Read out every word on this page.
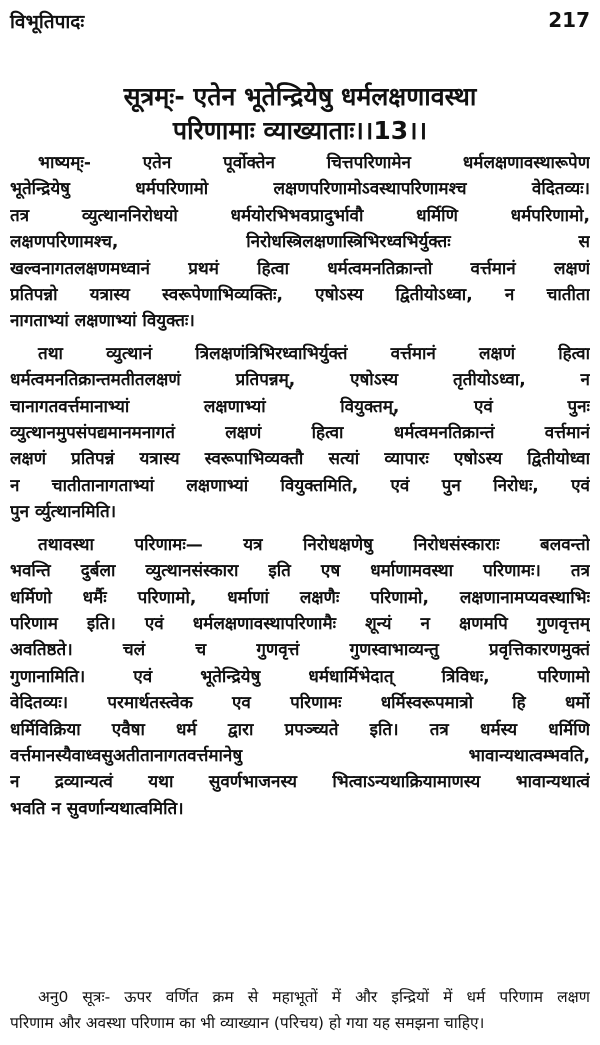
विभूतिपादः	217
सूत्रम्ः- एतेन भूतेन्द्रियेषु धर्मलक्षणावस्था
परिणामाः व्याख्याताः।।13।।

भाष्यम्ः- एतेन पूर्वोक्तेन चित्तपरिणामेन धर्मलक्षणावस्थारूपेण
भूतेन्द्रियेषु धर्मपरिणामो लक्षणपरिणामोऽवस्थापरिणामश्च वेदितव्यः।
तत्र व्युत्थाननिरोधयो धर्मयोरभिभवप्रादुर्भावौ धर्मिणि धर्मपरिणामो,
लक्षणपरिणामश्च, निरोधस्त्रिलक्षणास्त्रिभिरध्वभिर्युक्तः स
खल्वनागतलक्षणमध्वानं प्रथमं हित्वा धर्मत्वमनतिक्रान्तो वर्त्तमानं लक्षणं
प्रतिपन्नो यत्रास्य स्वरूपेणाभिव्यक्तिः, एषोऽस्य द्वितीयोऽध्वा, न चातीता
नागताभ्यां लक्षणाभ्यां वियुक्तः।

तथा व्युत्थानं त्रिलक्षणंत्रिभिरध्वाभिर्युक्तं वर्त्तमानं लक्षणं हित्वा
धर्मत्वमनतिक्रान्तमतीतलक्षणं प्रतिपन्नम्, एषोऽस्य तृतीयोऽध्वा, न
चानागतवर्त्तमानाभ्यां लक्षणाभ्यां वियुक्तम्, एवं पुनः
व्युत्थानमुपसंपद्यमानमनागतं लक्षणं हित्वा धर्मत्वमनतिक्रान्तं वर्त्तमानं
लक्षणं प्रतिपन्नं यत्रास्य स्वरूपाभिव्यक्तौ सत्यां व्यापारः एषोऽस्य द्वितीयोध्वा
न चातीतानागताभ्यां लक्षणाभ्यां वियुक्तमिति, एवं पुन निरोधः, एवं
पुन र्व्युत्थानमिति।

तथावस्था परिणामः— यत्र निरोधक्षणेषु निरोधसंस्काराः बलवन्तो
भवन्ति दुर्बला व्युत्थानसंस्कारा इति एष धर्माणामवस्था परिणामः। तत्र
धर्मिणो धर्मैः परिणामो, धर्माणां लक्षणैः परिणामो, लक्षणानामप्यवस्थाभिः
परिणाम इति। एवं धर्मलक्षणावस्थापरिणामैः शून्यं न क्षणमपि गुणवृत्तम्
अवतिष्ठते। चलं च गुणवृत्तं गुणस्वाभाव्यन्तु प्रवृत्तिकारणमुक्तं
गुणानामिति। एवं भूतेन्द्रियेषु धर्मधार्मिभेदात् त्रिविधः, परिणामो
वेदितव्यः। परमार्थतस्त्वेक एव परिणामः धर्मिस्वरूपमात्रो हि धर्मो
धर्मिविक्रिया एवैषा धर्म द्वारा प्रपञ्च्यते इति। तत्र धर्मस्य धर्मिणि
वर्त्तमानस्यैवाध्वसुअतीतानागतवर्त्तमानेषु भावान्यथात्वम्भवति,
न द्रव्यान्यत्वं यथा सुवर्णभाजनस्य भित्वाऽन्यथाक्रियामाणस्य भावान्यथात्वं
भवति न सुवर्णान्यथात्वमिति।

अनु0 सूत्रः- ऊपर वर्णित क्रम से महाभूतों में और इन्द्रियों में धर्म परिणाम लक्षण
परिणाम और अवस्था परिणाम का भी व्याख्यान (परिचय) हो गया यह समझना चाहिए।
